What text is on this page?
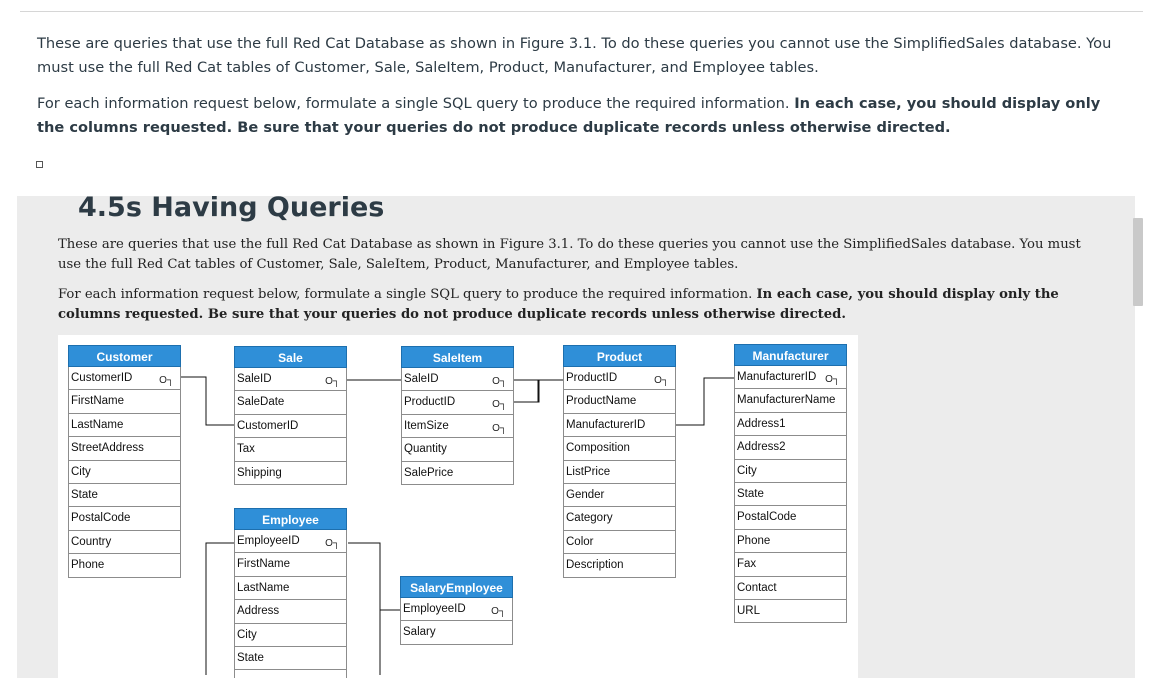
These are queries that use the full Red Cat Database as shown in Figure 3.1. To do these queries you cannot use the SimplifiedSales database. You must use the full Red Cat tables of Customer, Sale, SaleItem, Product, Manufacturer, and Employee tables.

For each information request below, formulate a single SQL query to produce the required information. In each case, you should display only the columns requested. Be sure that your queries do not produce duplicate records unless otherwise directed.

4.5s Having Queries

These are queries that use the full Red Cat Database as shown in Figure 3.1. To do these queries you cannot use the SimplifiedSales database. You must use the full Red Cat tables of Customer, Sale, SaleItem, Product, Manufacturer, and Employee tables.

For each information request below, formulate a single SQL query to produce the required information. In each case, you should display only the columns requested. Be sure that your queries do not produce duplicate records unless otherwise directed.

Customer
CustomerID	O┐
FirstName
LastName
StreetAddress
City
State
PostalCode
Country
Phone
Sale
SaleID	O┐
SaleDate
CustomerID
Tax
Shipping
SaleItem
SaleID	O┐
ProductID	O┐
ItemSize	O┐
Quantity
SalePrice
Product
ProductID	O┐
ProductName
ManufacturerID
Composition
ListPrice
Gender
Category
Color
Description
Manufacturer
ManufacturerID O┐
ManufacturerName
Address1
Address2
City
State
PostalCode
Phone
Fax
Contact
URL
Employee
EmployeeID	O┐
FirstName
LastName
Address
City
State
SalaryEmployee
EmployeeID	O┐
Salary
